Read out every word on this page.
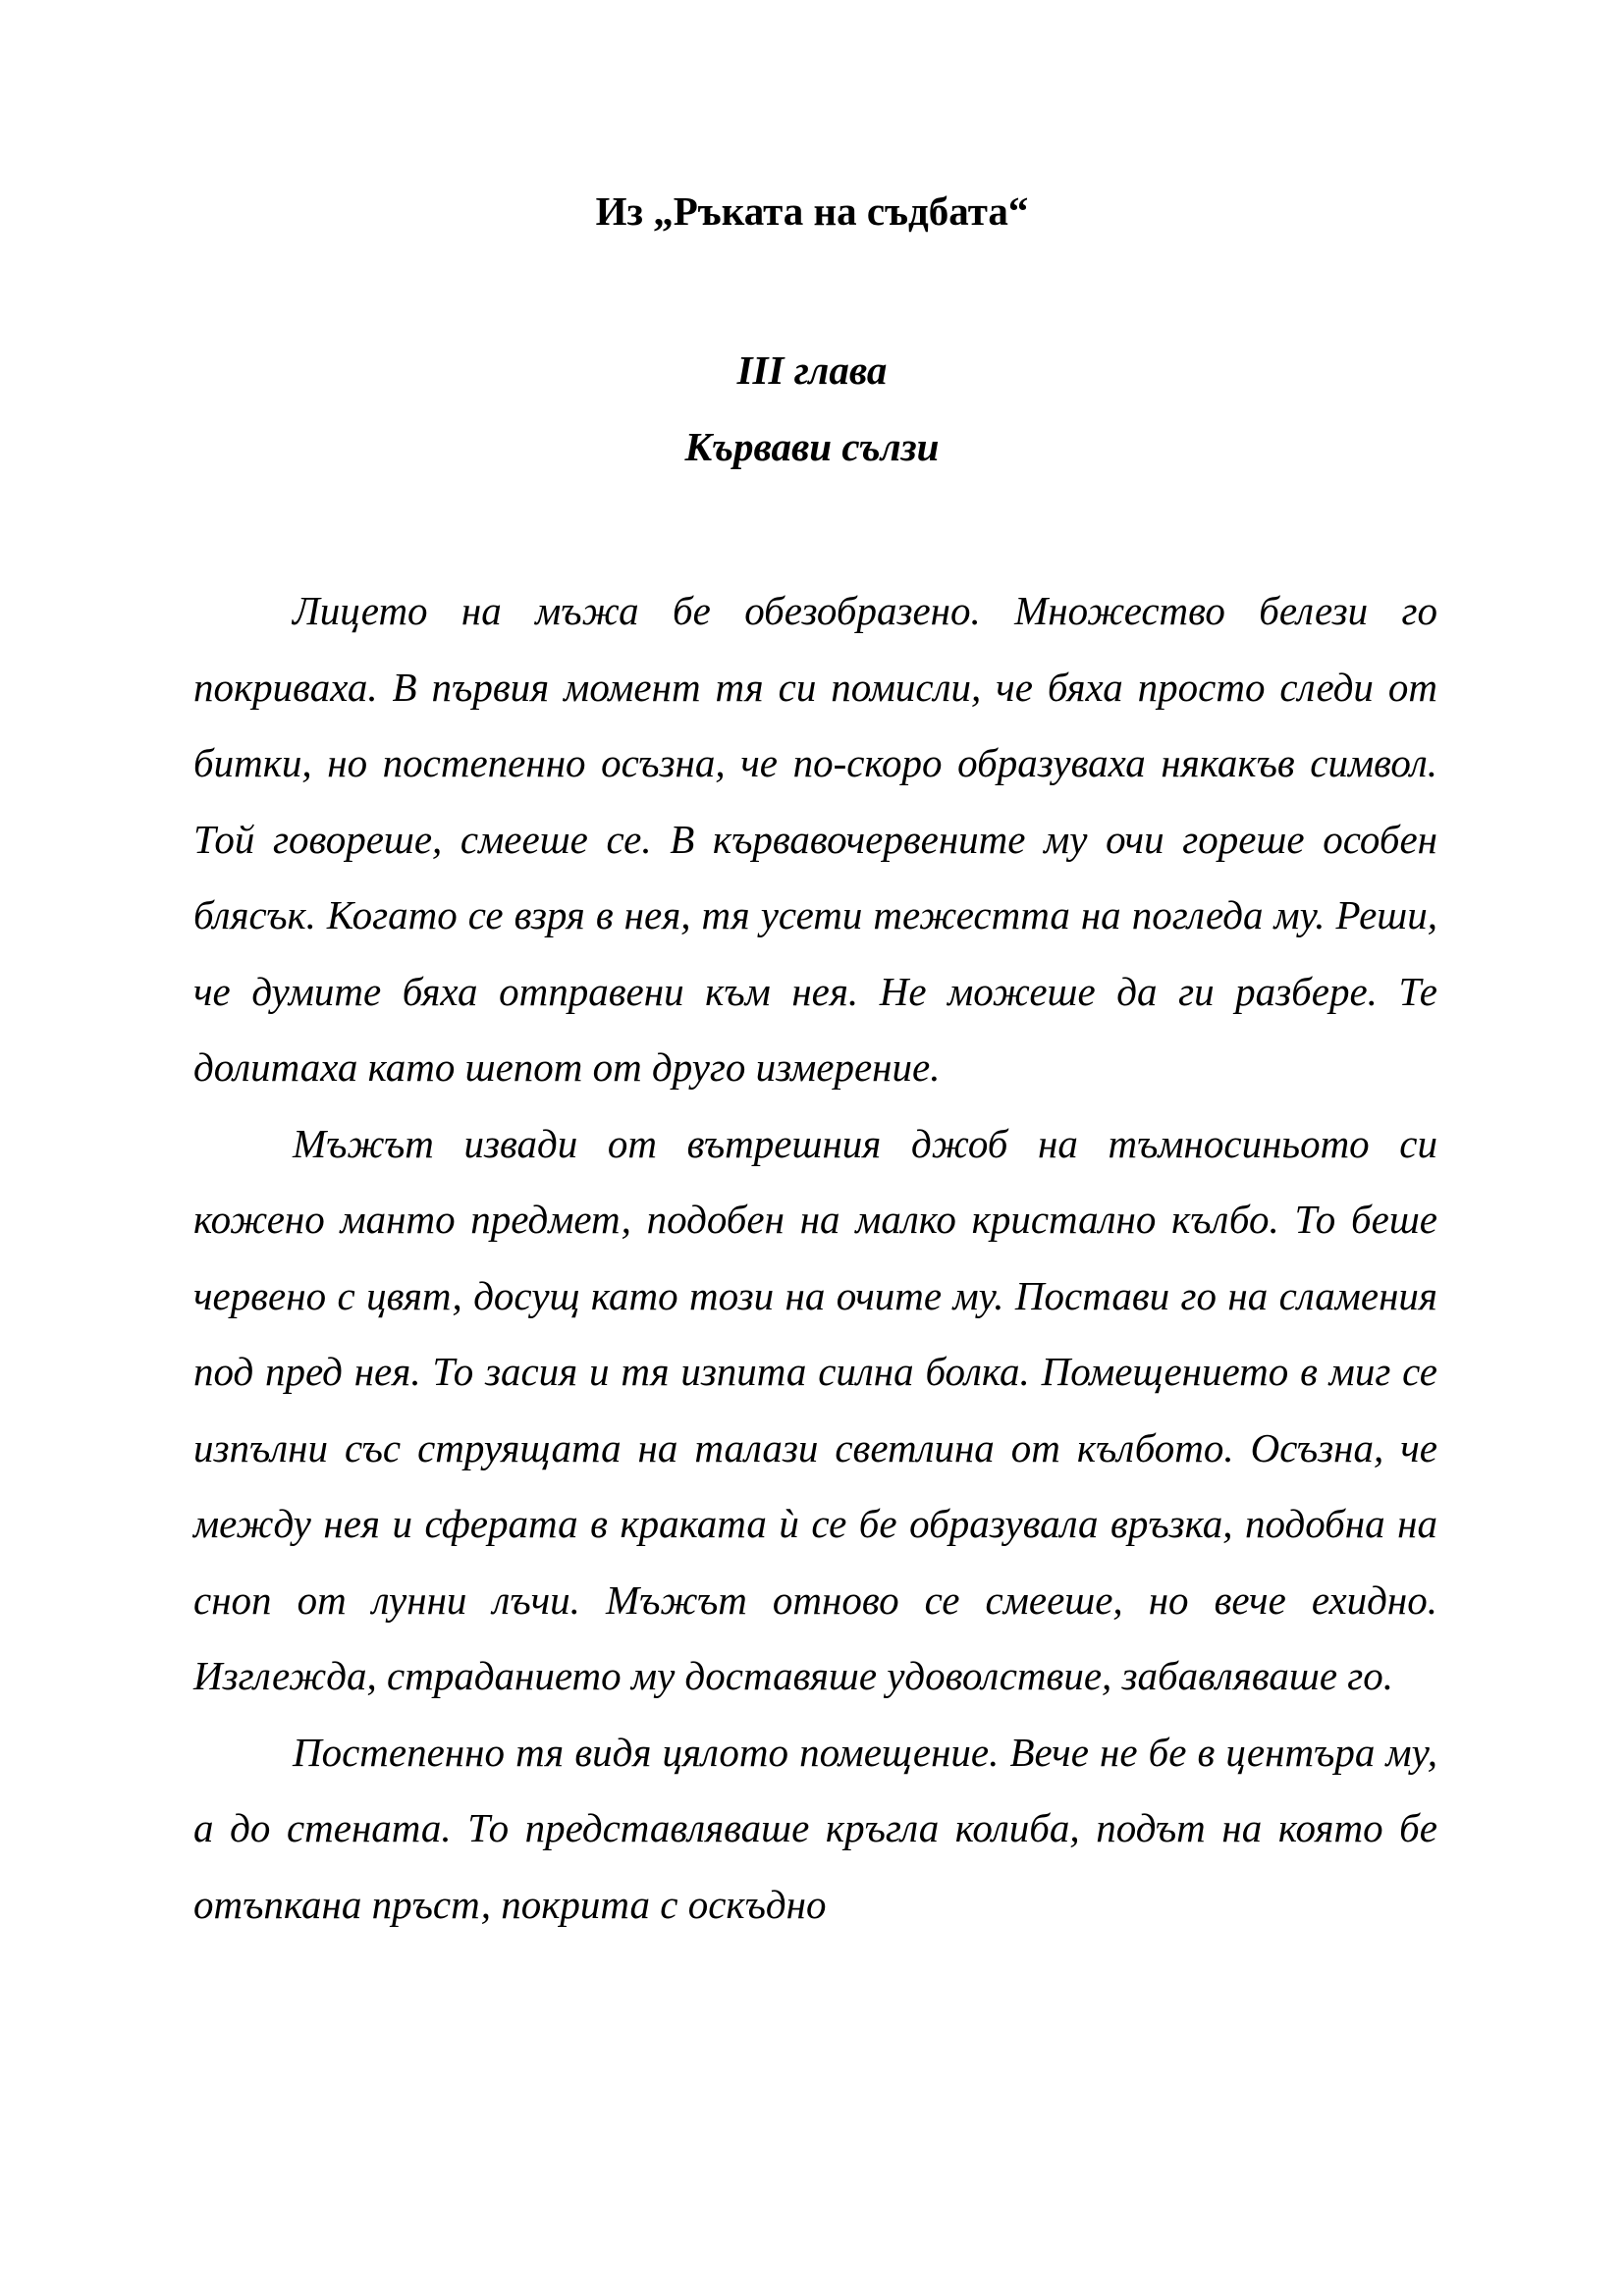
Из „Ръката на съдбата“
III глава
Кървави сълзи

Лицето на мъжа бе обезобразено. Множество белези го покриваха. В първия момент тя си помисли, че бяха просто следи от битки, но постепенно осъзна, че по-скоро образуваха някакъв символ. Той говореше, смееше се. В кървавочервените му очи гореше особен блясък. Когато се взря в нея, тя усети тежестта на погледа му. Реши, че думите бяха отправени към нея. Не можеше да ги разбере. Те долитаха като шепот от друго измерение.

Мъжът извади от вътрешния джоб на тъмносиньото си кожено манто предмет, подобен на малко кристално кълбо. То беше червено с цвят, досущ като този на очите му. Постави го на сламения под пред нея. То засия и тя изпита силна болка. Помещението в миг се изпълни със струящата на талази светлина от кълбото. Осъзна, че между нея и сферата в краката ѝ се бе образувала връзка, подобна на сноп от лунни лъчи. Мъжът отново се смееше, но вече ехидно. Изглежда, страданието му доставяше удоволствие, забавляваше го.

Постепенно тя видя цялото помещение. Вече не бе в центъра му, а до стената. То представляваше кръгла колиба, подът на която бе отъпкана пръст, покрита с оскъдно
